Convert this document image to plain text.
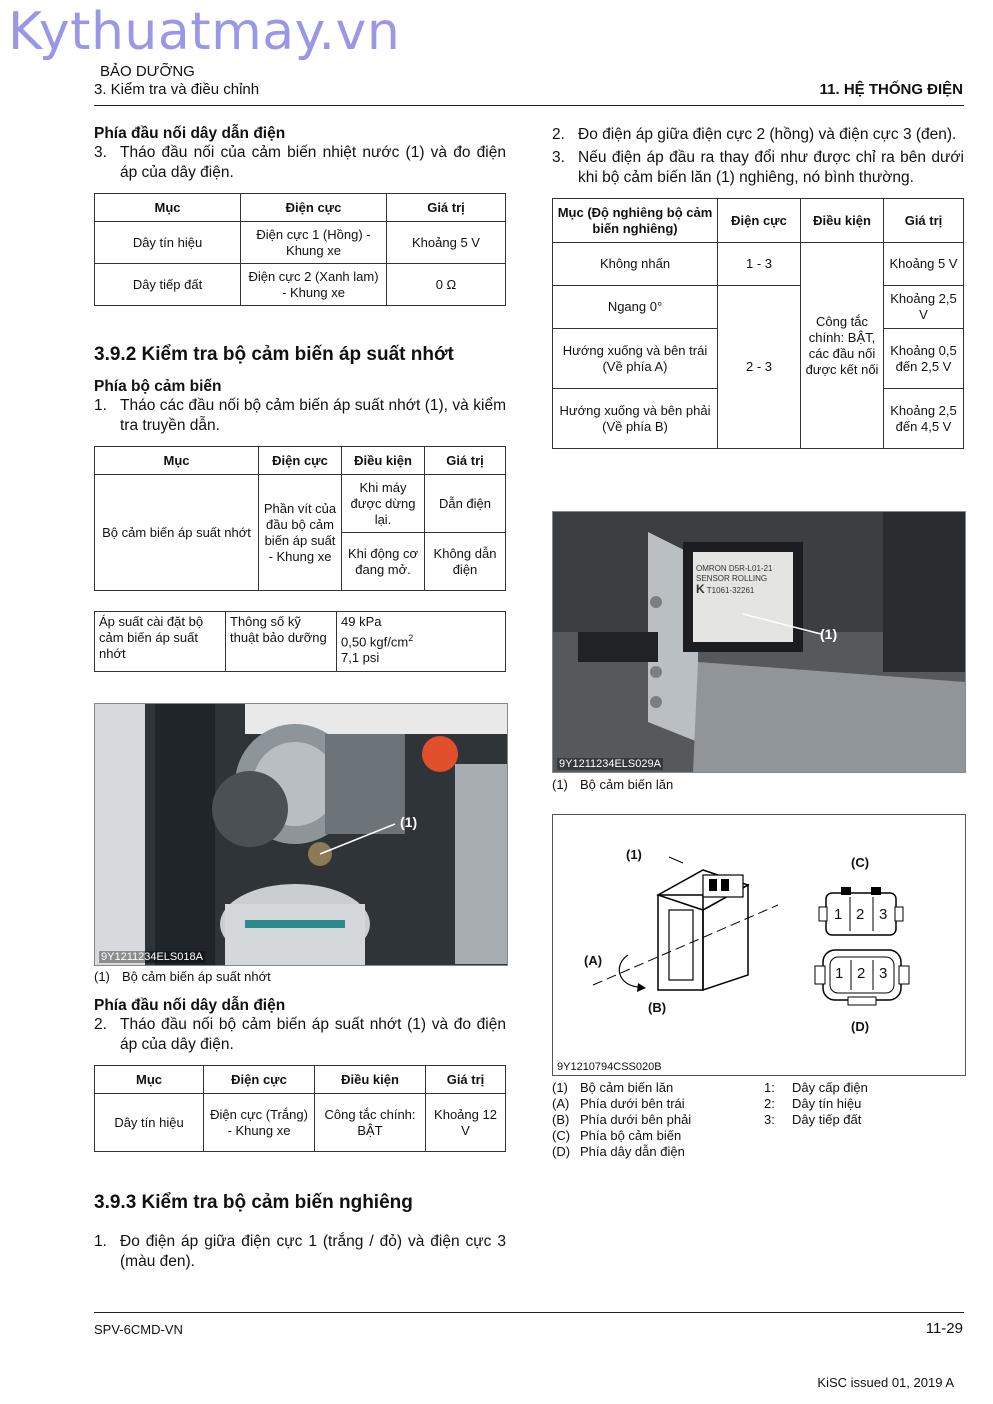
Kythuatmay.vn
BẢO DƯỠNG
3. Kiểm tra và điều chỉnh	11. HỆ THỐNG ĐIỆN
Phía đầu nối dây dẫn điện
3. Tháo đầu nối của cảm biến nhiệt nước (1) và đo điện áp của dây điện.
Mục	Điện cực	Giá trị
Dây tín hiệu	Điện cực 1 (Hồng) - Khung xe	Khoảng 5 V
Dây tiếp đất	Điện cực 2 (Xanh lam) - Khung xe	0 Ω
3.9.2 Kiểm tra bộ cảm biến áp suất nhớt
Phía bộ cảm biến
1. Tháo các đầu nối bộ cảm biến áp suất nhớt (1), và kiểm tra truyền dẫn.
Mục	Điện cực	Điều kiện	Giá trị
Bộ cảm biến áp suất nhớt	Phần vít của đầu bộ cảm biến áp suất - Khung xe	Khi máy được dừng lại.	Dẫn điện
		Khi động cơ đang mở.	Không dẫn điện
Áp suất cài đặt bộ cảm biến áp suất nhớt	Thông số kỹ thuật bảo dưỡng	
49 kPa
0,50 kgf/$cm^2$
7,1 psi
(1)
9Y1211234ELS018A
(1) Bộ cảm biến áp suất nhớt
Phía đầu nối dây dẫn điện
2. Tháo đầu nối bộ cảm biến áp suất nhớt (1) và đo điện áp của dây điện.
Mục	Điện cực	Điều kiện	Giá trị
Dây tín hiệu	Điện cực (Trắng) - Khung xe	Công tắc chính: BẬT	Khoảng 12 V
3.9.3 Kiểm tra bộ cảm biến nghiêng
1. Đo điện áp giữa điện cực 1 (trắng / đỏ) và điện cực 3 (màu đen).
2. Đo điện áp giữa điện cực 2 (hồng) và điện cực 3 (đen).
3. Nếu điện áp đầu ra thay đổi như được chỉ ra bên dưới khi bộ cảm biến lăn (1) nghiêng, nó bình thường.
Mục (Độ nghiêng bộ cảm biến nghiêng)	Điện cực	Điều kiện	Giá trị
Không nhấn	1 - 3	Công tắc chính: BẬT, các đầu nối được kết nối	Khoảng 5 V
Ngang 0°	2 - 3		Khoảng 2,5 V
Hướng xuống và bên trái (Về phía A)			Khoảng 0,5 đến 2,5 V
Hướng xuống và bên phải (Về phía B)			Khoảng 2,5 đến 4,5 V
OMRON D5R-L01-21
SENSOR ROLLING
K T1061-32261
(1)
9Y1211234ELS029A
(1) Bộ cảm biến lăn
(1)
(A)
(B)
(C)
(D)
1 2 3
1 2 3
9Y1210794CSS020B
(1) Bộ cảm biến lăn
(A) Phía dưới bên trái
(B) Phía dưới bên phải
(C) Phía bộ cảm biến
(D) Phía dây dẫn điện
1:	Dây cấp điện
2:	Dây tín hiệu
3:	Dây tiếp đất
SPV-6CMD-VN	11-29
KiSC issued 01, 2019 A
